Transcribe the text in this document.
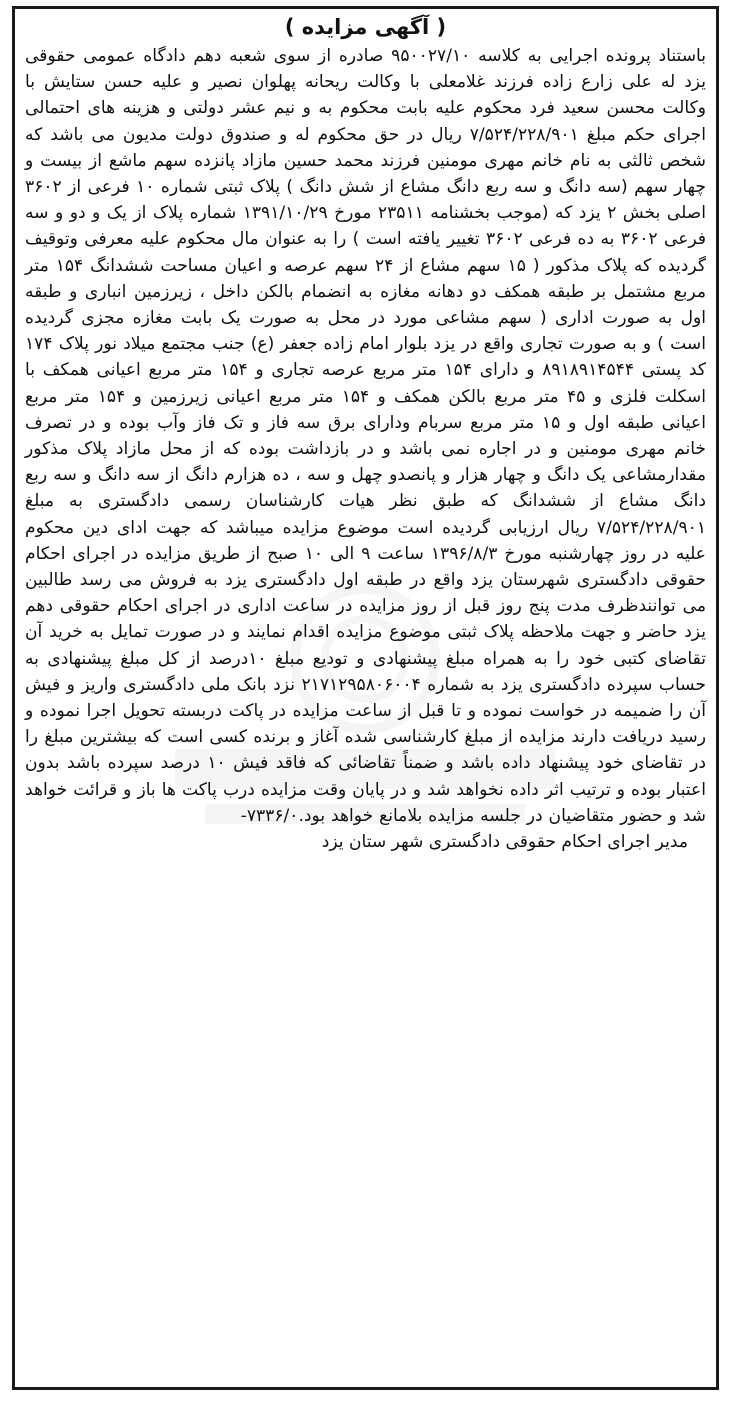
( آگهی مزایده )

باستناد پرونده اجرایی به کلاسه ۹۵۰۰۲۷/۱۰ صادره از سوی شعبه دهم دادگاه عمومی حقوقی یزد له علی زارع زاده فرزند غلامعلی با وکالت ریحانه پهلوان نصیر و علیه حسن ستایش با وکالت محسن سعید فرد محکوم علیه بابت محکوم به و نیم عشر دولتی و هزینه های احتمالی اجرای حکم مبلغ ۷/۵۲۴/۲۲۸/۹۰۱ ریال در حق محکوم له و صندوق دولت مدیون می باشد که شخص ثالثی به نام خانم مهری مومنین فرزند محمد حسین مازاد پانزده سهم ماشع از بیست و چهار سهم (سه دانگ و سه ربع دانگ مشاع از شش دانگ ) پلاک ثبتی شماره ۱۰ فرعی از ۳۶۰۲ اصلی بخش ۲ یزد که (موجب بخشنامه ۲۳۵۱۱ مورخ ۱۳۹۱/۱۰/۲۹ شماره پلاک از یک و دو و سه فرعی ۳۶۰۲ به ده فرعی ۳۶۰۲ تغییر یافته است ) را به عنوان مال محکوم علیه معرفی وتوقیف گردیده که پلاک مذکور ( ۱۵ سهم مشاع از ۲۴ سهم عرصه و اعیان مساحت ششدانگ ۱۵۴ متر مربع مشتمل بر طبقه همکف دو دهانه مغازه به انضمام بالکن داخل ، زیرزمین انباری و طبقه اول به صورت اداری ( سهم مشاعی مورد در محل به صورت یک بابت مغازه مجزی گردیده است ) و به صورت تجاری واقع در یزد بلوار امام زاده جعفر (ع) جنب مجتمع میلاد نور پلاک ۱۷۴ کد پستی ۸۹۱۸۹۱۴۵۴۴ و دارای ۱۵۴ متر مربع عرصه تجاری و ۱۵۴ متر مربع اعیانی همکف با اسکلت فلزی و ۴۵ متر مربع بالکن همکف و ۱۵۴ متر مربع اعیانی زیرزمین و ۱۵۴ متر مربع اعیانی طبقه اول و ۱۵ متر مربع سربام ودارای برق سه فاز و تک فاز وآب بوده و در تصرف خانم مهری مومنین و در اجاره نمی باشد و در بازداشت بوده که از محل مازاد پلاک مذکور مقدارمشاعی یک دانگ و چهار هزار و پانصدو چهل و سه ، ده هزارم دانگ از سه دانگ و سه ربع دانگ مشاع از ششدانگ که طبق نظر هیات کارشناسان رسمی دادگستری به مبلغ ۷/۵۲۴/۲۲۸/۹۰۱ ریال ارزیابی گردیده است موضوع مزایده میباشد که جهت ادای دین محکوم علیه در روز چهارشنبه مورخ ۱۳۹۶/۸/۳ ساعت ۹ الی ۱۰ صبح از طریق مزایده در اجرای احکام حقوقی دادگستری شهرستان یزد واقع در طبقه اول دادگستری یزد به فروش می رسد طالبین می توانندظرف مدت پنج روز قبل از روز مزایده در ساعت اداری در اجرای احکام حقوقی دهم یزد حاضر و جهت ملاحظه پلاک ثبتی موضوع مزایده اقدام نمایند و در صورت تمایل به خرید آن تقاضای کتبی خود را به همراه مبلغ پیشنهادی و تودیع مبلغ ۱۰درصد از کل مبلغ پیشنهادی به حساب سپرده دادگستری یزد به شماره ۲۱۷۱۲۹۵۸۰۶۰۰۴ نزد بانک ملی دادگستری واریز و فیش آن را ضمیمه در خواست نموده و تا قبل از ساعت مزایده در پاکت دربسته تحویل اجرا نموده و رسید دریافت دارند مزایده از مبلغ کارشناسی شده آغاز و برنده کسی است که بیشترین مبلغ را در تقاضای خود پیشنهاد داده باشد و ضمناً تقاضائی که فاقد فیش ۱۰ درصد سپرده باشد بدون اعتبار بوده و ترتیب اثر داده نخواهد شد و در پایان وقت مزایده درب پاکت ها باز و قرائت خواهد شد و حضور متقاضیان در جلسه مزایده بلامانع خواهد بود.۷۳۳۶/۰-

مدیر اجرای احکام حقوقی دادگستری شهر ستان یزد
